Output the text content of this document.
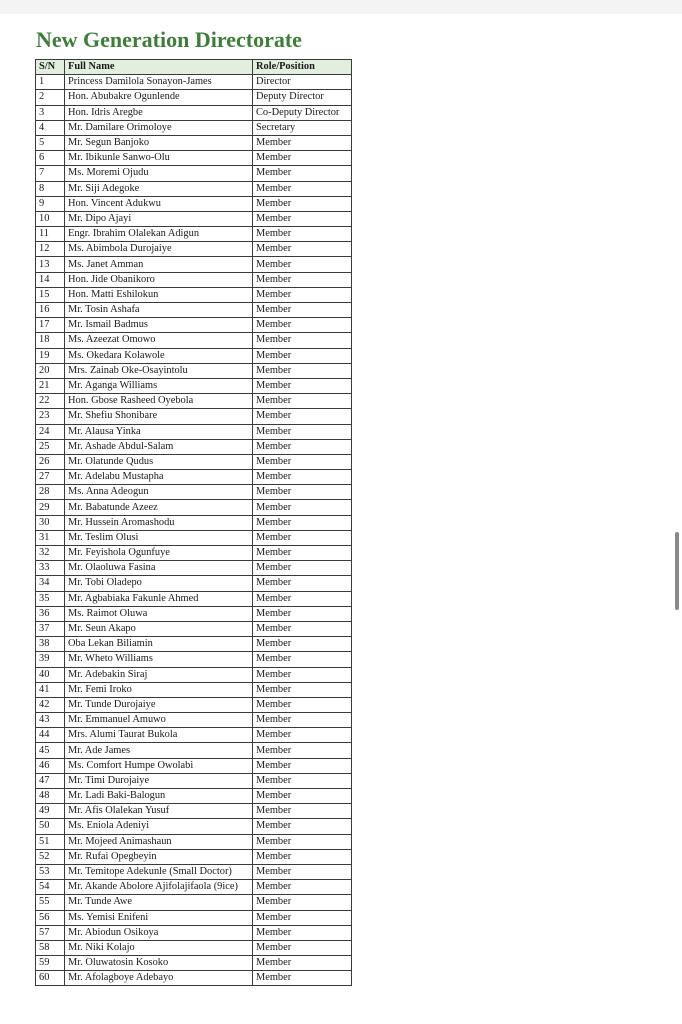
New Generation Directorate
S/N	Full Name	Role/Position
1	Princess Damilola Sonayon-James	Director
2	Hon. Abubakre Ogunlende	Deputy Director
3	Hon. Idris Aregbe	Co-Deputy Director
4	Mr. Damilare Orimoloye	Secretary
5	Mr. Segun Banjoko	Member
6	Mr. Ibikunle Sanwo-Olu	Member
7	Ms. Moremi Ojudu	Member
8	Mr. Siji Adegoke	Member
9	Hon. Vincent Adukwu	Member
10	Mr. Dipo Ajayi	Member
11	Engr. Ibrahim Olalekan Adigun	Member
12	Ms. Abimbola Durojaiye	Member
13	Ms. Janet Amman	Member
14	Hon. Jide Obanikoro	Member
15	Hon. Matti Eshilokun	Member
16	Mr. Tosin Ashafa	Member
17	Mr. Ismail Badmus	Member
18	Ms. Azeezat Omowo	Member
19	Ms. Okedara Kolawole	Member
20	Mrs. Zainab Oke-Osayintolu	Member
21	Mr. Aganga Williams	Member
22	Hon. Gbose Rasheed Oyebola	Member
23	Mr. Shefiu Shonibare	Member
24	Mr. Alausa Yinka	Member
25	Mr. Ashade Abdul-Salam	Member
26	Mr. Olatunde Qudus	Member
27	Mr. Adelabu Mustapha	Member
28	Ms. Anna Adeogun	Member
29	Mr. Babatunde Azeez	Member
30	Mr. Hussein Aromashodu	Member
31	Mr. Teslim Olusi	Member
32	Mr. Feyishola Ogunfuye	Member
33	Mr. Olaoluwa Fasina	Member
34	Mr. Tobi Oladepo	Member
35	Mr. Agbabiaka Fakunle Ahmed	Member
36	Ms. Raimot Oluwa	Member
37	Mr. Seun Akapo	Member
38	Oba Lekan Biliamin	Member
39	Mr. Wheto Williams	Member
40	Mr. Adebakin Siraj	Member
41	Mr. Femi Iroko	Member
42	Mr. Tunde Durojaiye	Member
43	Mr. Emmanuel Amuwo	Member
44	Mrs. Alumi Taurat Bukola	Member
45	Mr. Ade James	Member
46	Ms. Comfort Humpe Owolabi	Member
47	Mr. Timi Durojaiye	Member
48	Mr. Ladi Baki-Balogun	Member
49	Mr. Afis Olalekan Yusuf	Member
50	Ms. Eniola Adeniyi	Member
51	Mr. Mojeed Animashaun	Member
52	Mr. Rufai Opegbeyin	Member
53	Mr. Temitope Adekunle (Small Doctor)	Member
54	Mr. Akande Abolore Ajifolajifaola (9ice)	Member
55	Mr. Tunde Awe	Member
56	Ms. Yemisi Enifeni	Member
57	Mr. Abiodun Osikoya	Member
58	Mr. Niki Kolajo	Member
59	Mr. Oluwatosin Kosoko	Member
60	Mr. Afolagboye Adebayo	Member
